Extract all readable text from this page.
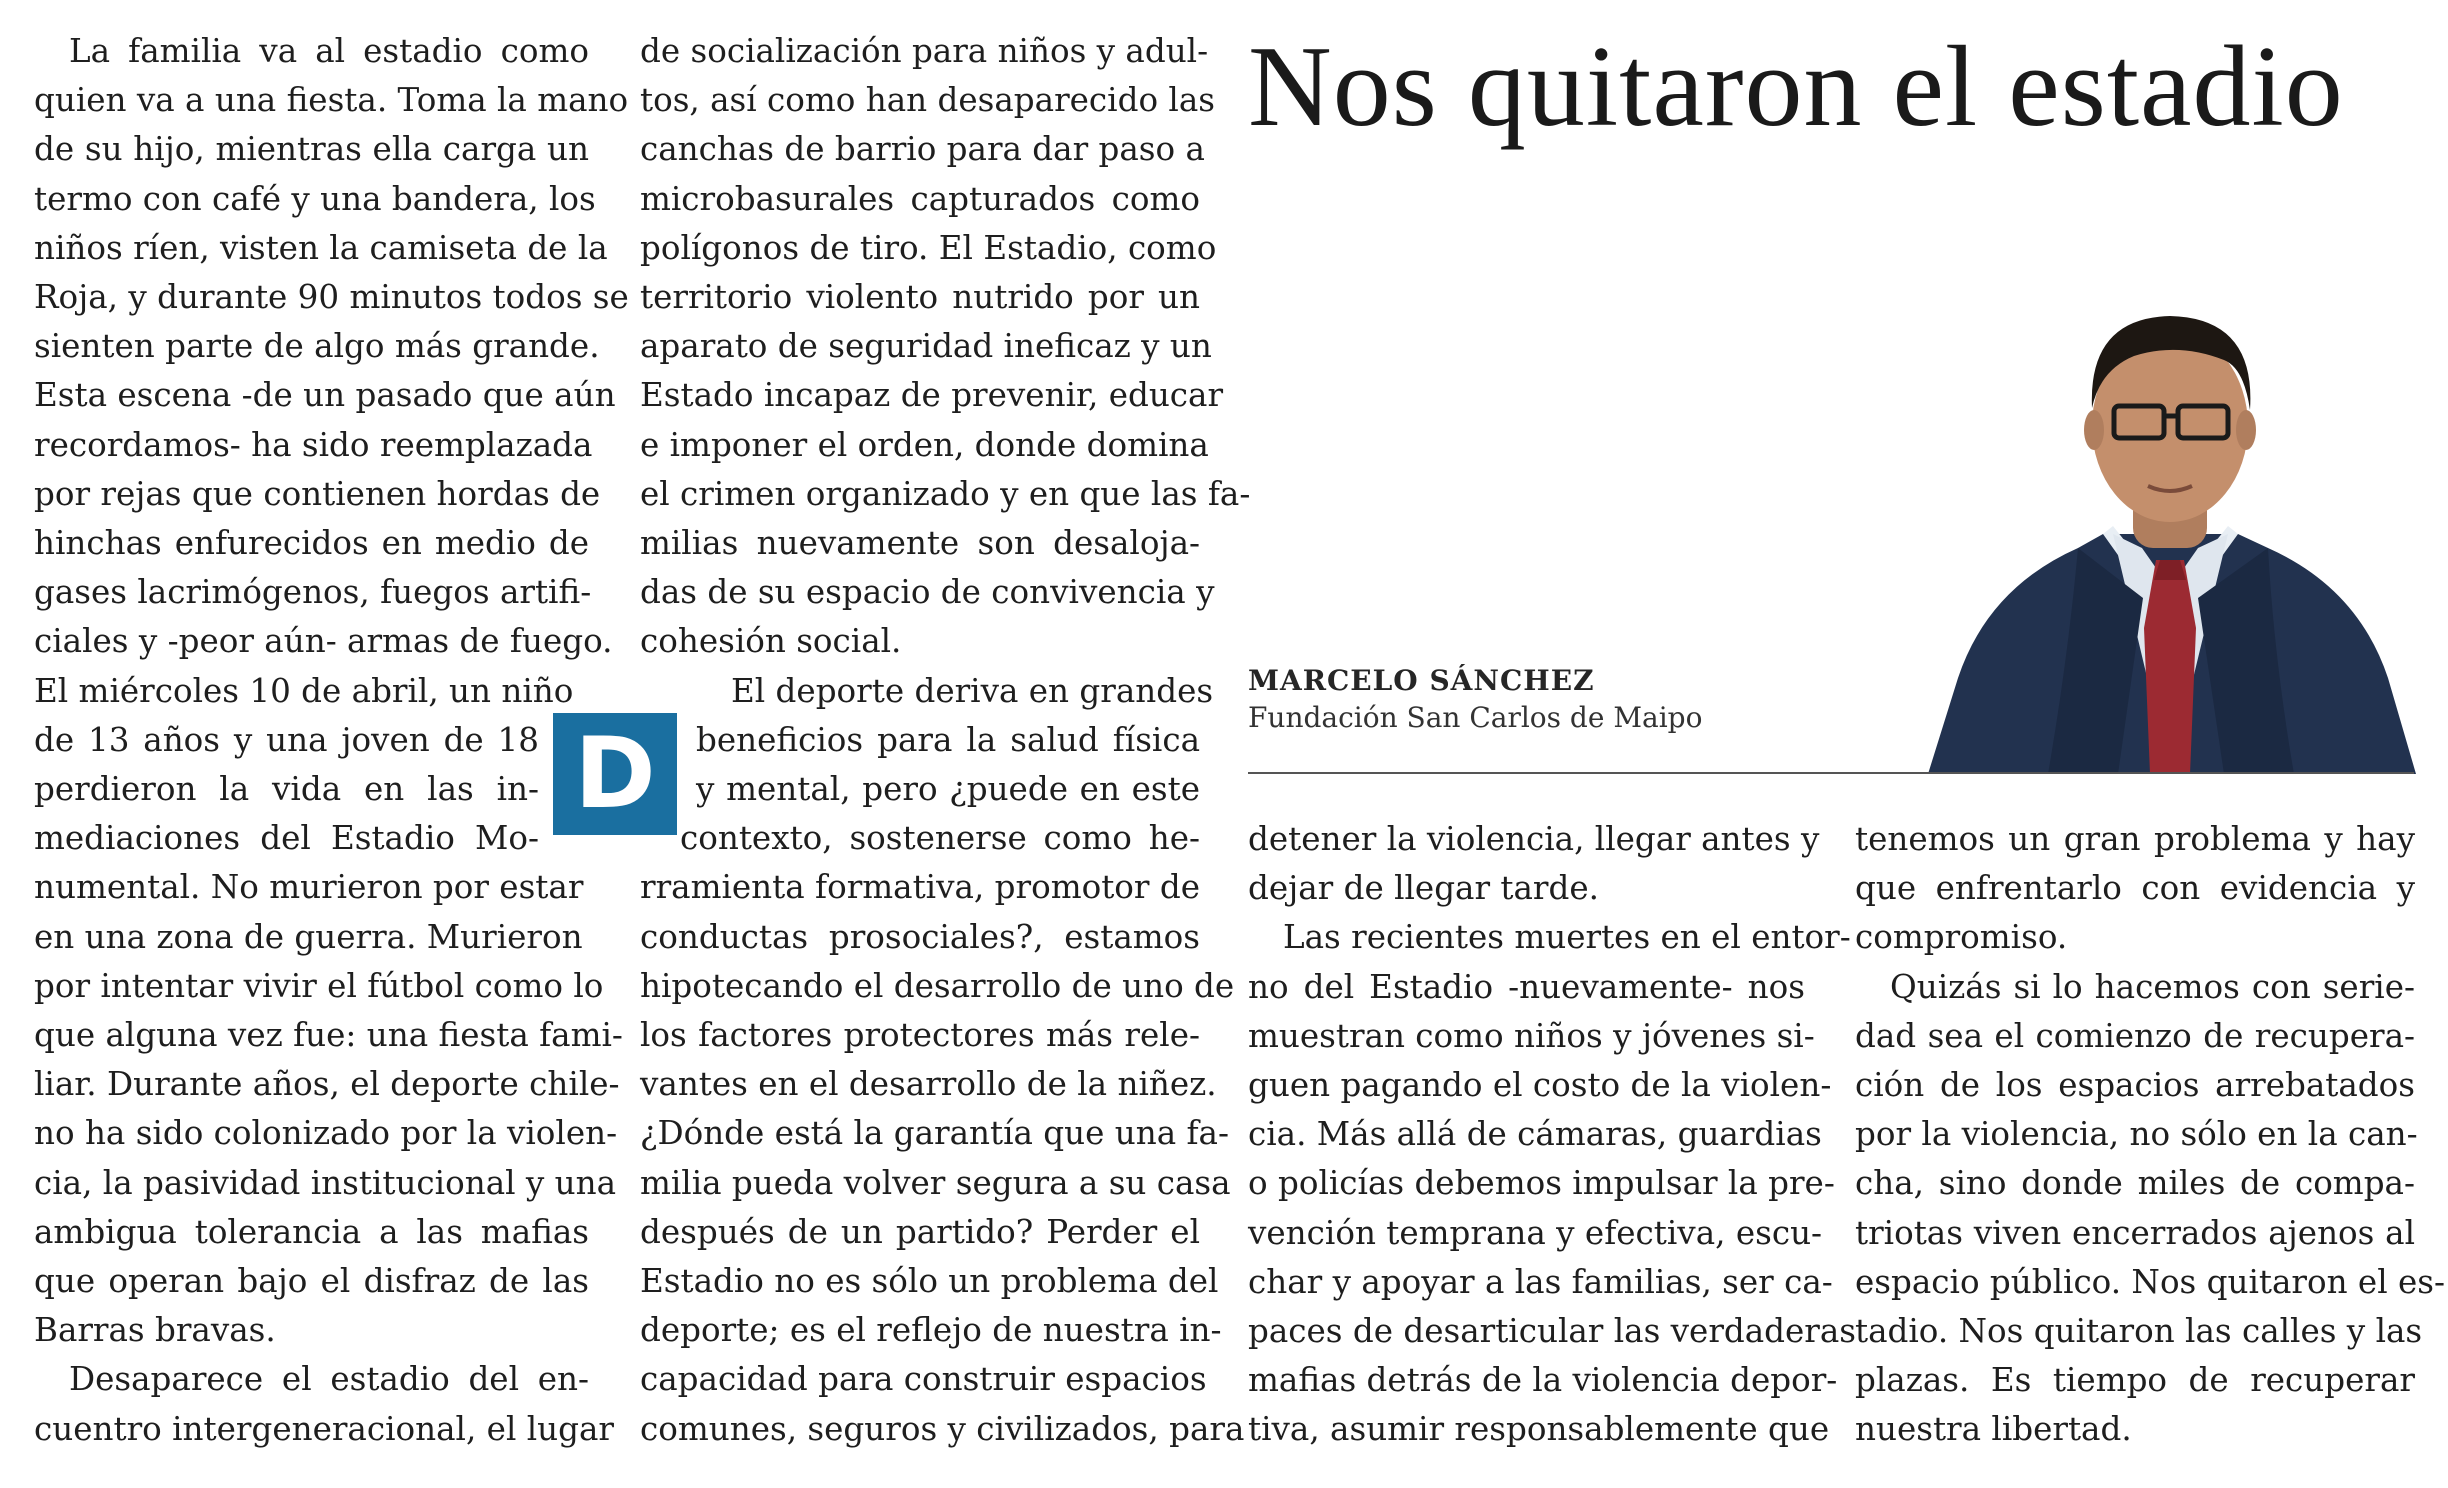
Nos quitaron el estadio

MARCELO SÁNCHEZ

Fundación San Carlos de Maipo

D
La familia va al estadio como
quien va a una fiesta. Toma la mano
de su hijo, mientras ella carga un
termo con café y una bandera, los
niños ríen, visten la camiseta de la
Roja, y durante 90 minutos todos se
sienten parte de algo más grande.
Esta escena -de un pasado que aún
recordamos- ha sido reemplazada
por rejas que contienen hordas de
hinchas enfurecidos en medio de
gases lacrimógenos, fuegos artifi-
ciales y -peor aún- armas de fuego.
El miércoles 10 de abril, un niño
de 13 años y una joven de 18
perdieron la vida en las in-
mediaciones del Estadio Mo-
numental. No murieron por estar
en una zona de guerra. Murieron
por intentar vivir el fútbol como lo
que alguna vez fue: una fiesta fami-
liar. Durante años, el deporte chile-
no ha sido colonizado por la violen-
cia, la pasividad institucional y una
ambigua tolerancia a las mafias
que operan bajo el disfraz de las
Barras bravas.
Desaparece el estadio del en-
cuentro intergeneracional, el lugar
de socialización para niños y adul-
tos, así como han desaparecido las
canchas de barrio para dar paso a
microbasurales capturados como
polígonos de tiro. El Estadio, como
territorio violento nutrido por un
aparato de seguridad ineficaz y un
Estado incapaz de prevenir, educar
e imponer el orden, donde domina
el crimen organizado y en que las fa-
milias nuevamente son desaloja-
das de su espacio de convivencia y
cohesión social.
El deporte deriva en grandes
beneficios para la salud física
y mental, pero ¿puede en este
contexto, sostenerse como he-
rramienta formativa, promotor de
conductas prosociales?, estamos
hipotecando el desarrollo de uno de
los factores protectores más rele-
vantes en el desarrollo de la niñez.
¿Dónde está la garantía que una fa-
milia pueda volver segura a su casa
después de un partido? Perder el
Estadio no es sólo un problema del
deporte; es el reflejo de nuestra in-
capacidad para construir espacios
comunes, seguros y civilizados, para
detener la violencia, llegar antes y
dejar de llegar tarde.
Las recientes muertes en el entor-
no del Estadio -nuevamente- nos
muestran como niños y jóvenes si-
guen pagando el costo de la violen-
cia. Más allá de cámaras, guardias
o policías debemos impulsar la pre-
vención temprana y efectiva, escu-
char y apoyar a las familias, ser ca-
paces de desarticular las verdaderas
mafias detrás de la violencia depor-
tiva, asumir responsablemente que
tenemos un gran problema y hay
que enfrentarlo con evidencia y
compromiso.
Quizás si lo hacemos con serie-
dad sea el comienzo de recupera-
ción de los espacios arrebatados
por la violencia, no sólo en la can-
cha, sino donde miles de compa-
triotas viven encerrados ajenos al
espacio público. Nos quitaron el es-
tadio. Nos quitaron las calles y las
plazas. Es tiempo de recuperar
nuestra libertad.
